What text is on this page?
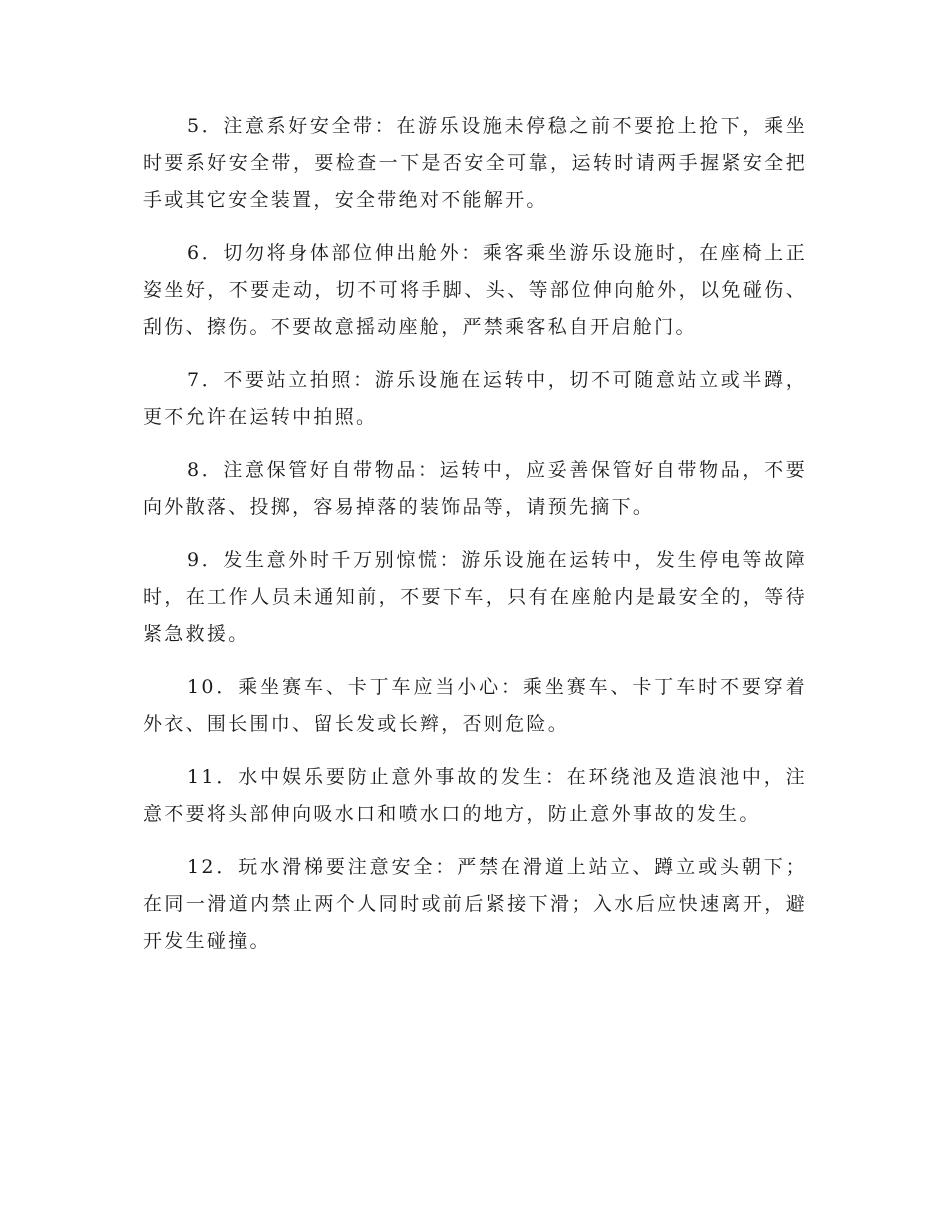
5．注意系好安全带：在游乐设施未停稳之前不要抢上抢下，乘坐时要系好安全带，要检查一下是否安全可靠，运转时请两手握紧安全把手或其它安全装置，安全带绝对不能解开。

6．切勿将身体部位伸出舱外：乘客乘坐游乐设施时，在座椅上正姿坐好，不要走动，切不可将手脚、头、等部位伸向舱外，以免碰伤、刮伤、擦伤。不要故意摇动座舱，严禁乘客私自开启舱门。

7．不要站立拍照：游乐设施在运转中，切不可随意站立或半蹲，更不允许在运转中拍照。

8．注意保管好自带物品：运转中，应妥善保管好自带物品，不要向外散落、投掷，容易掉落的装饰品等，请预先摘下。

9．发生意外时千万别惊慌：游乐设施在运转中，发生停电等故障时，在工作人员未通知前，不要下车，只有在座舱内是最安全的，等待紧急救援。

10．乘坐赛车、卡丁车应当小心：乘坐赛车、卡丁车时不要穿着外衣、围长围巾、留长发或长辫，否则危险。

11．水中娱乐要防止意外事故的发生：在环绕池及造浪池中，注意不要将头部伸向吸水口和喷水口的地方，防止意外事故的发生。

12．玩水滑梯要注意安全：严禁在滑道上站立、蹲立或头朝下；在同一滑道内禁止两个人同时或前后紧接下滑；入水后应快速离开，避开发生碰撞。
